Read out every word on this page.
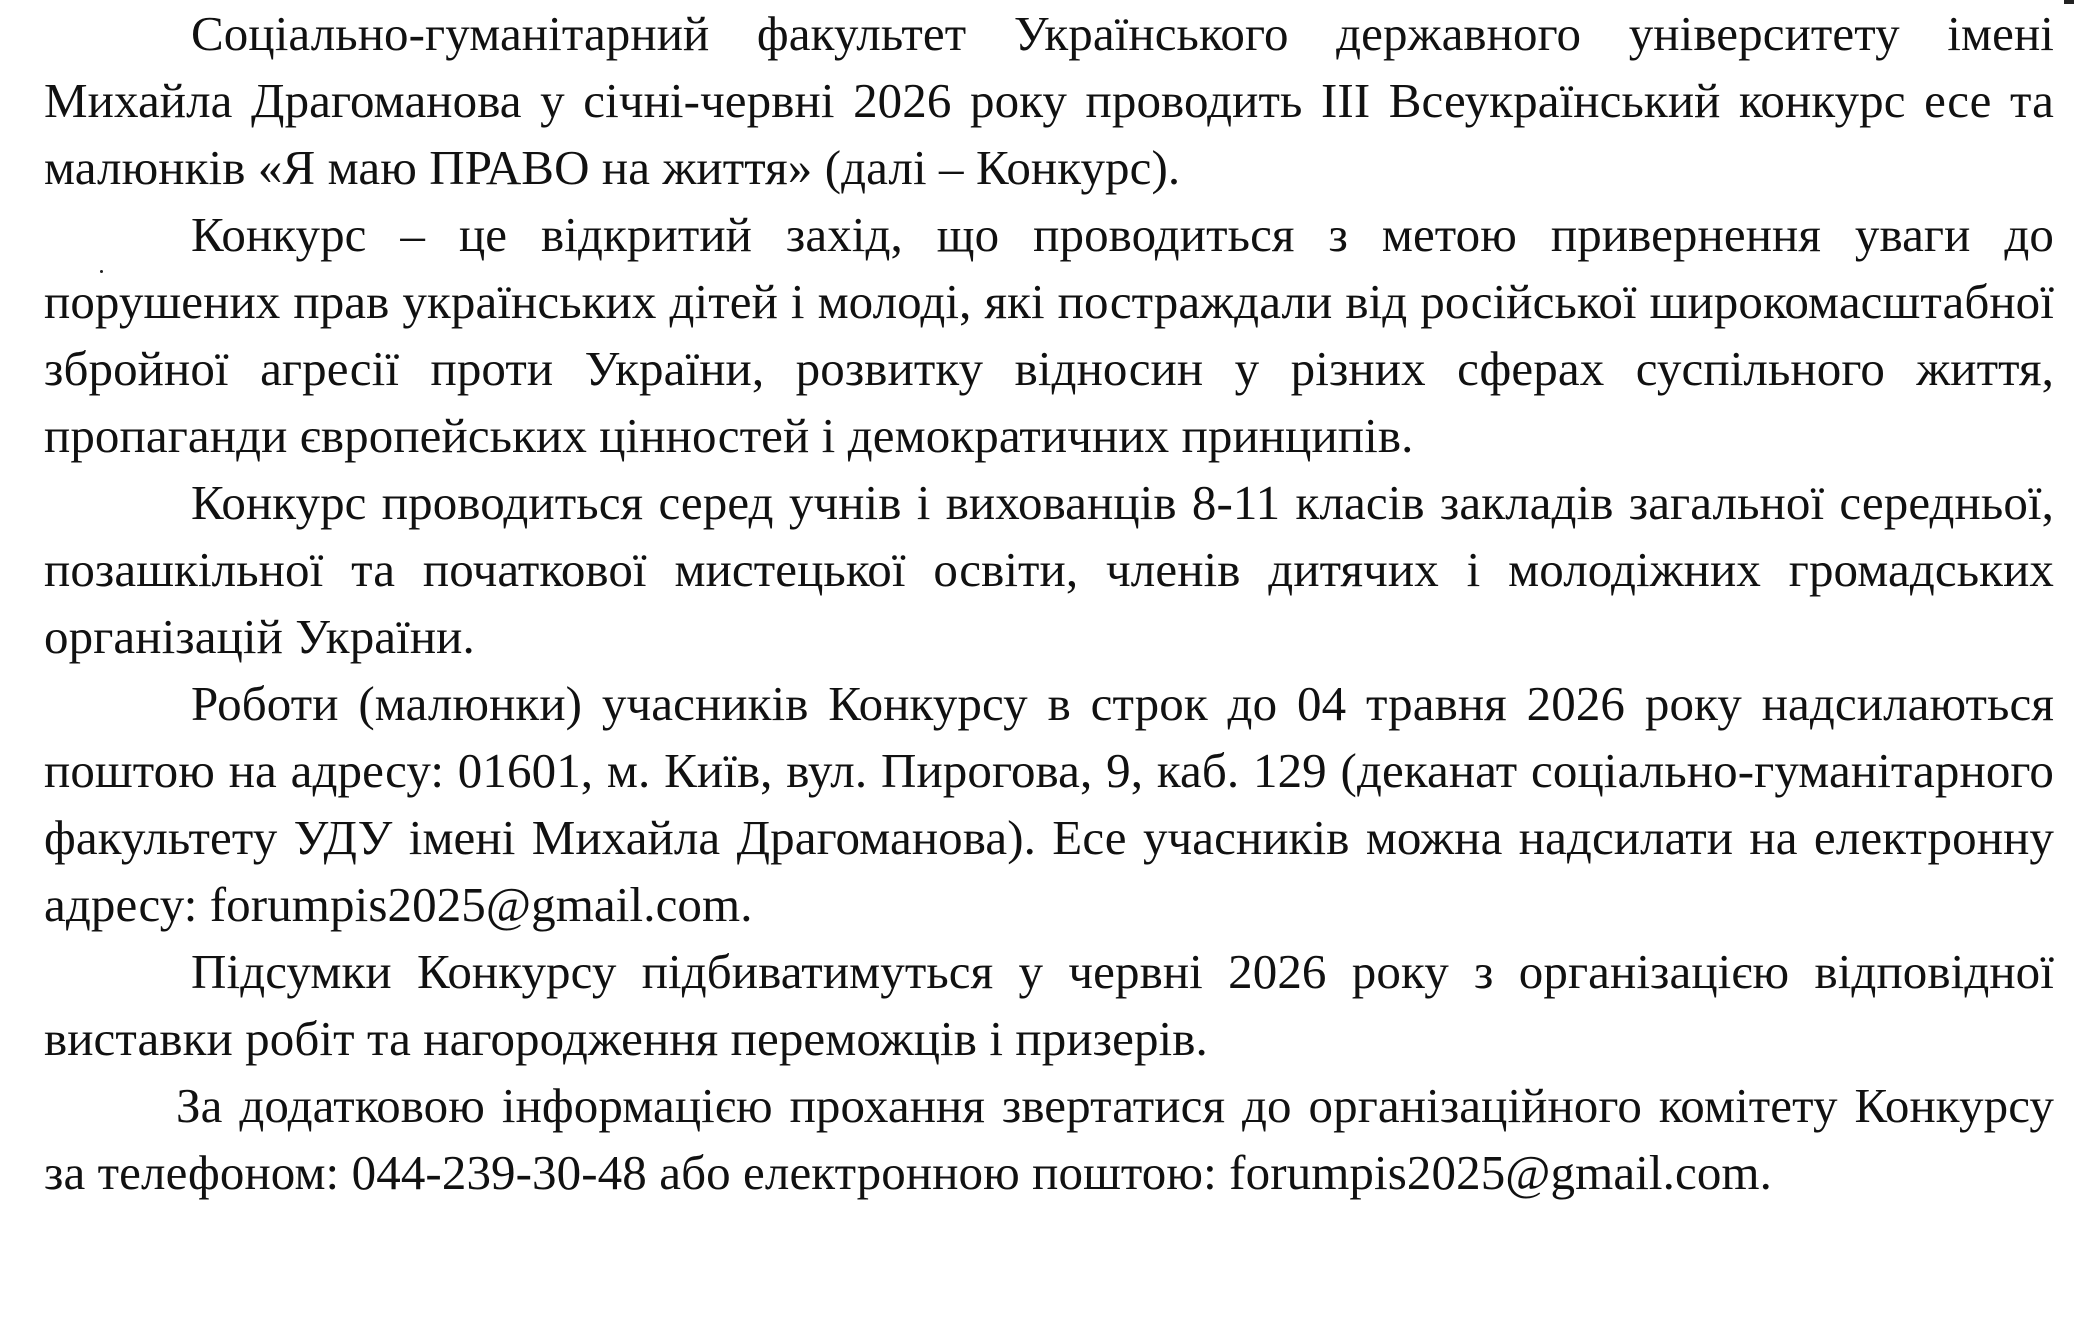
Соціально-гуманітарний факультет Українського державного університету імені Михайла Драгоманова у січні-червні 2026 року проводить III Всеукраїнський конкурс есе та малюнків «Я маю ПРАВО на життя» (далі – Конкурс).

Конкурс – це відкритий захід, що проводиться з метою привернення уваги до порушених прав українських дітей і молоді, які постраждали від російської широкомасштабної збройної агресії проти України, розвитку відносин у різних сферах суспільного життя, пропаганди європейських цінностей і демократичних принципів.

Конкурс проводиться серед учнів і вихованців 8-11 класів закладів загальної середньої, позашкільної та початкової мистецької освіти, членів дитячих і молодіжних громадських організацій України.

Роботи (малюнки) учасників Конкурсу в строк до 04 травня 2026 року надсилаються поштою на адресу: 01601, м. Київ, вул. Пирогова, 9, каб. 129 (деканат соціально-гуманітарного факультету УДУ імені Михайла Драгоманова). Есе учасників можна надсилати на електронну адресу: forumpis2025@gmail.com.

Підсумки Конкурсу підбиватимуться у червні 2026 року з організацією відповідної виставки робіт та нагородження переможців і призерів.

За додатковою інформацією прохання звертатися до організаційного комітету Конкурсу за телефоном: 044-239-30-48 або електронною поштою: forumpis2025@gmail.com.
